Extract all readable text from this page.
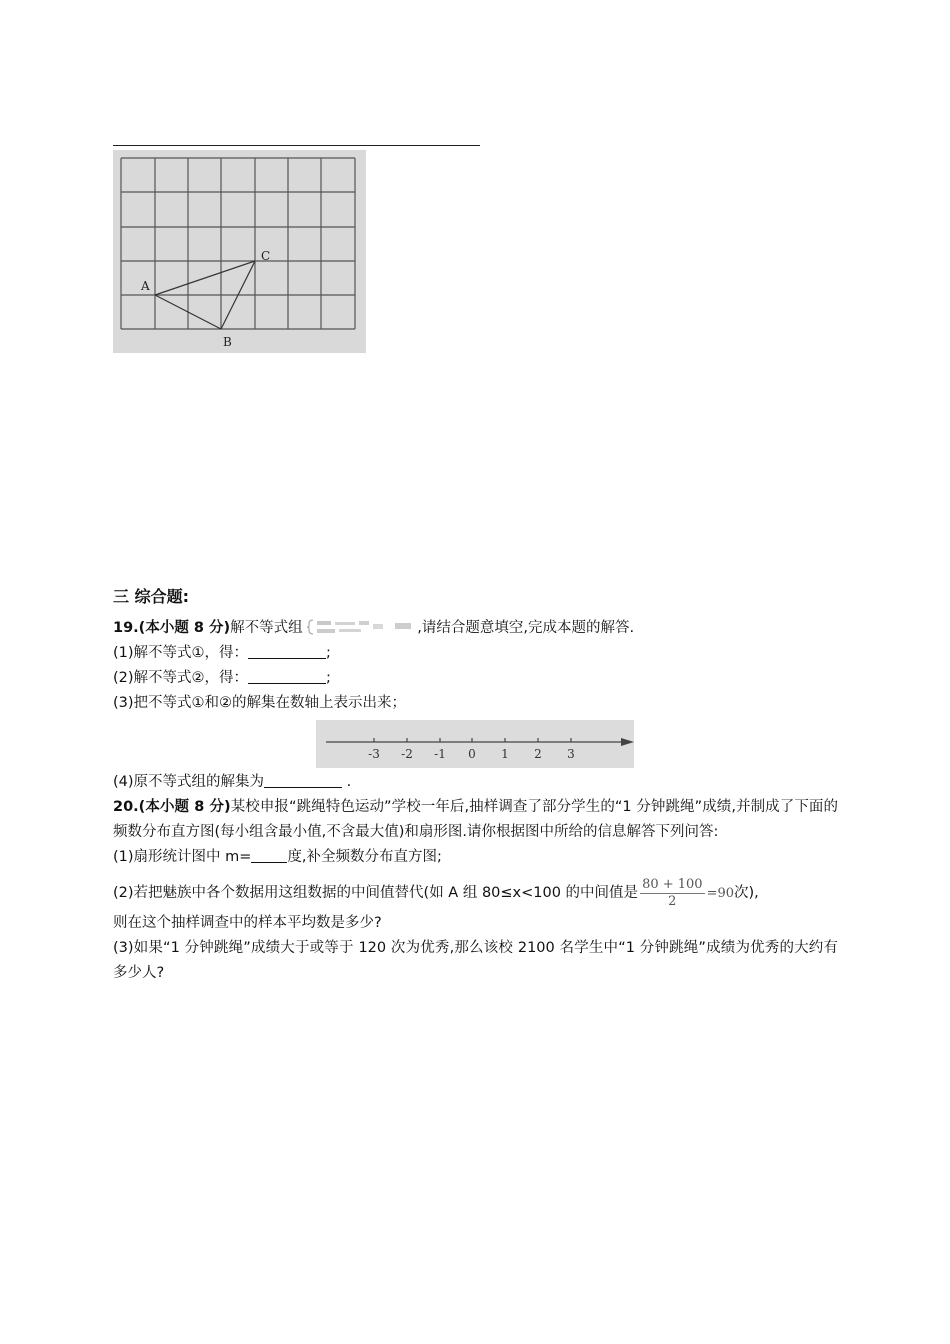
A
B
C
三 综合题:
19.(本小题 8 分)解不等式组	,请结合题意填空,完成本题的解答.
(1)解不等式①，得：	;
(2)解不等式②，得：	;
(3)把不等式①和②的解集在数轴上表示出来；
-3 -2 -1 0 1 2 3
(4)原不等式组的解集为	.
20.(本小题 8 分)某校申报“跳绳特色运动”学校一年后,抽样调查了部分学生的“1 分钟跳绳”成绩,并制成了下面的频数分布直方图(每小组含最小值,不含最大值)和扇形图.请你根据图中所给的信息解答下列问答:
(1)扇形统计图中 m= 度,补全频数分布直方图;
(2)若把魅族中各个数据用这组数据的中间值替代(如 A 组 80≤x<100 的中间值是 $\frac{80 + 100}{2} =90$次),
则在这个抽样调查中的样本平均数是多少?
(3)如果“1 分钟跳绳”成绩大于或等于 120 次为优秀,那么该校 2100 名学生中“1 分钟跳绳”成绩为优秀的大约有多少人?
